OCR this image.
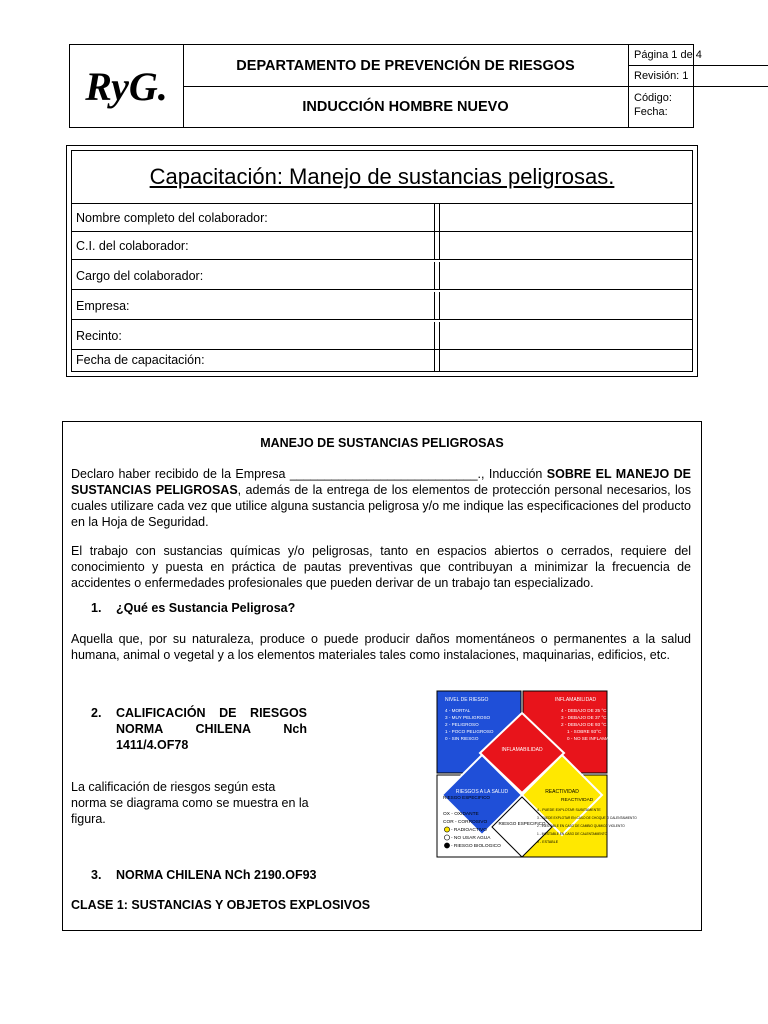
RyG.	DEPARTAMENTO DE PREVENCIÓN DE RIESGOS
INDUCCIÓN HOMBRE NUEVO
Página 1 de 4
Revisión: 1
Código:
Fecha:
Capacitación: Manejo de sustancias peligrosas.
Nombre completo del colaborador:
C.I. del colaborador:
Cargo del colaborador:
Empresa:
Recinto:
Fecha de capacitación:
MANEJO DE SUSTANCIAS PELIGROSAS

Declaro haber recibido de la Empresa ___________________________., Inducción SOBRE EL MANEJO DE SUSTANCIAS PELIGROSAS, además de la entrega de los elementos de protección personal necesarios, los cuales utilizare cada vez que utilice alguna sustancia peligrosa y/o me indique las especificaciones del producto en la Hoja de Seguridad.

El trabajo con sustancias químicas y/o peligrosas, tanto en espacios abiertos o cerrados, requiere del conocimiento y puesta en práctica de pautas preventivas que contribuyan a minimizar la frecuencia de accidentes o enfermedades profesionales que pueden derivar de un trabajo tan especializado.

1. ¿Qué es Sustancia Peligrosa?

Aquella que, por su naturaleza, produce o puede producir daños momentáneos o permanentes a la salud humana, animal o vegetal y a los elementos materiales tales como instalaciones, maquinarias, edificios, etc.

2. CALIFICACIÓN DE RIESGOS NORMA CHILENA Nch 1411/4.OF78

La calificación de riesgos según esta norma se diagrama como se muestra en la figura.

3. NORMA CHILENA NCh 2190.OF93
CLASE 1: SUSTANCIAS Y OBJETOS EXPLOSIVOS
NIVEL DE RIESGO
4 - MORTAL
3 - MUY PELIGROSO
2 - PELIGROSO
1 - POCO PELIGROSO
0 - SIN RIESGO
INFLAMABILIDAD
4 - DEBAJO DE 25 °C
3 - DEBAJO DE 37 °C
2 - DEBAJO DE 93 °C
1 - SOBRE 93°C
0 - NO SE INFLAMA
INFLAMABILIDAD
RIESGOS A LA SALUD	REACTIVIDAD
RIESGO ESPECIFICO
RIESGO ESPECIFICO
OX - OXIDANTE
COR - CORROSIVO
- RADIOACTIVO
- NO USAR AGUA
- RIESGO BIOLOGICO
REACTIVIDAD
4 - PUEDE EXPLOTAR SUBITAMENTE
3 - PUEDE EXPLOTAR EN CASO DE CHOQUE O CALENTAMIENTO
2 - INESTABLE EN CASO DE CAMBIO QUIMICO VIOLENTO
1 - INESTABLE EN CASO DE CALENTAMIENTO
0 - ESTABLE
